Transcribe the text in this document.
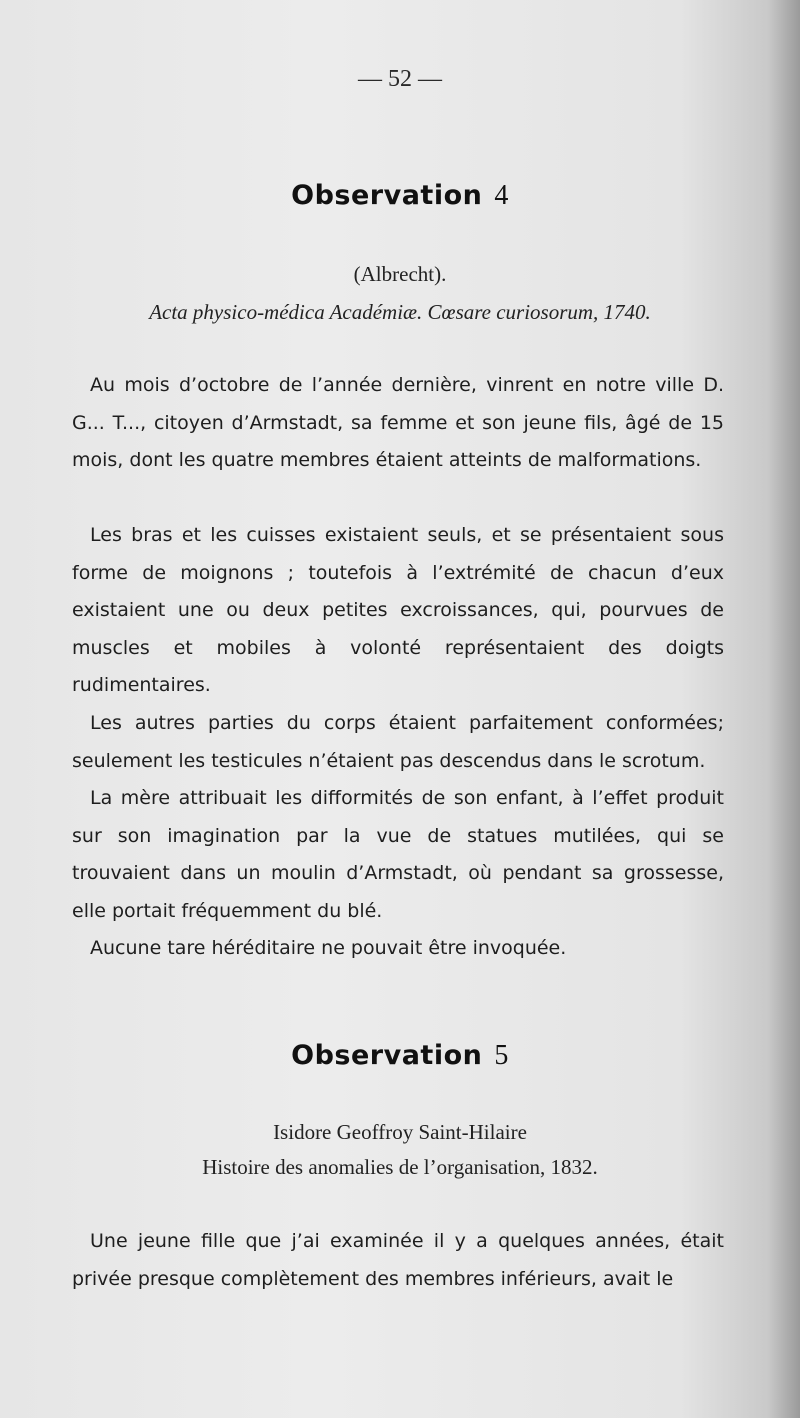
— 52 —
Observation 4
(Albrecht).
Acta physico-médica Académiæ. Cœsare curiosorum, 1740.

Au mois d’octobre de l’année dernière, vinrent en notre ville D. G... T..., citoyen d’Armstadt, sa femme et son jeune fils, âgé de 15 mois, dont les quatre membres étaient atteints de malformations.

Les bras et les cuisses existaient seuls, et se présentaient sous forme de moignons ; toutefois à l’extrémité de chacun d’eux existaient une ou deux petites excroissances, qui, pourvues de muscles et mobiles à volonté représentaient des doigts rudimentaires.

Les autres parties du corps étaient parfaitement conformées; seulement les testicules n’étaient pas descendus dans le scrotum.

La mère attribuait les difformités de son enfant, à l’effet produit sur son imagination par la vue de statues mutilées, qui se trouvaient dans un moulin d’Armstadt, où pendant sa grossesse, elle portait fréquemment du blé.

Aucune tare héréditaire ne pouvait être invoquée.

Observation 5
Isidore Geoffroy Saint-Hilaire
Histoire des anomalies de l’organisation, 1832.

Une jeune fille que j’ai examinée il y a quelques années, était privée presque complètement des membres inférieurs, avait le
